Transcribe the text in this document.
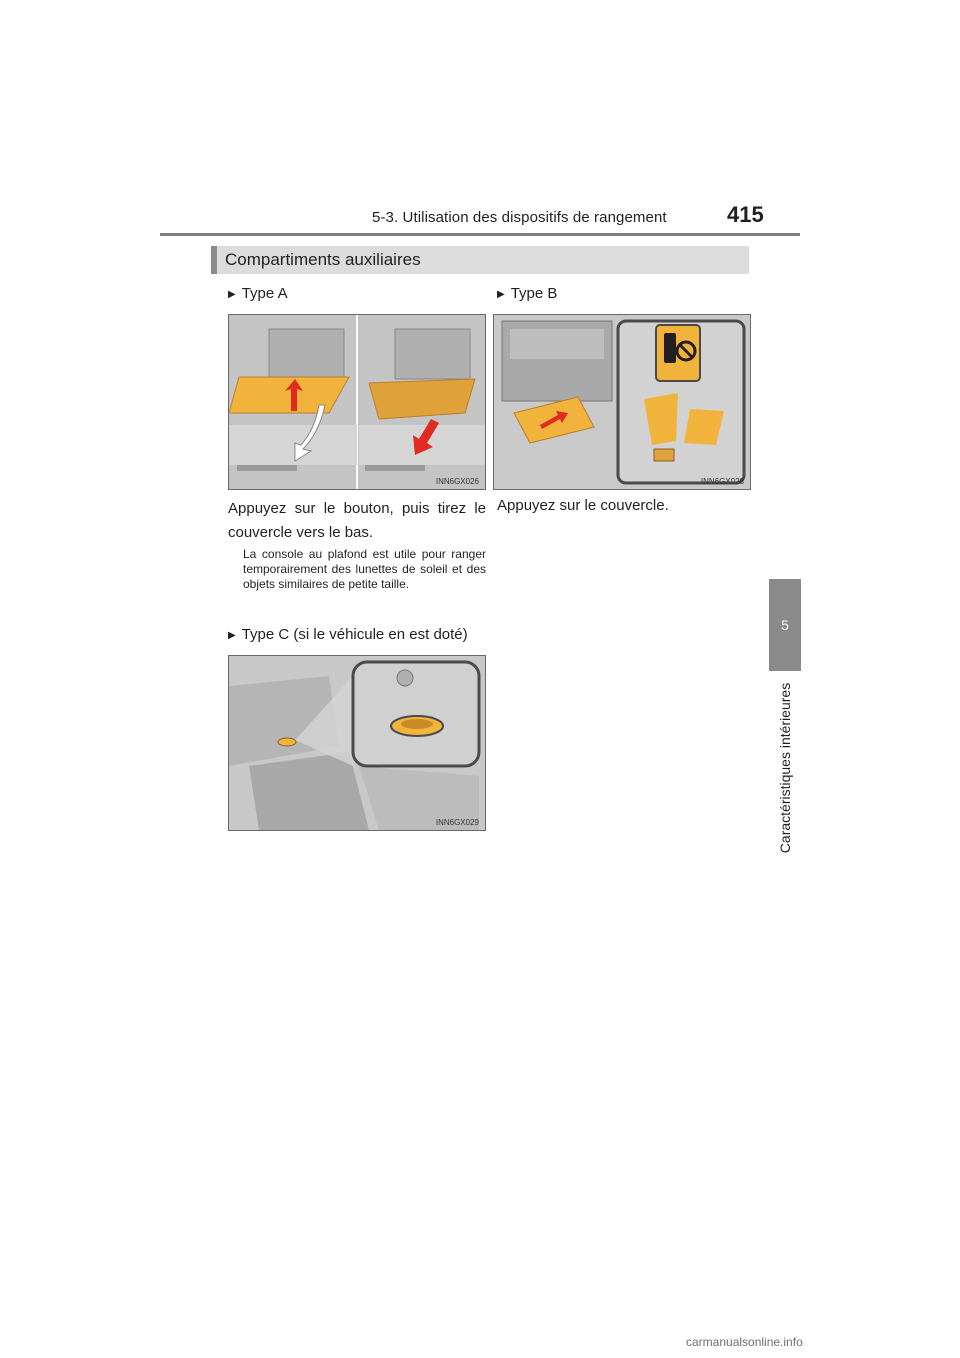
5-3. Utilisation des dispositifs de rangement	415
5
Caractéristiques intérieures
Compartiments auxiliaires
▶ Type A	▶ Type B
INN6GX026	INN6GX028
Appuyez sur le bouton, puis tirez le couvercle vers le bas.
Appuyez sur le couvercle.
La console au plafond est utile pour ranger temporairement des lunettes de soleil et des objets similaires de petite taille.
▶ Type C (si le véhicule en est doté)
INN6GX029
carmanualsonline.info
